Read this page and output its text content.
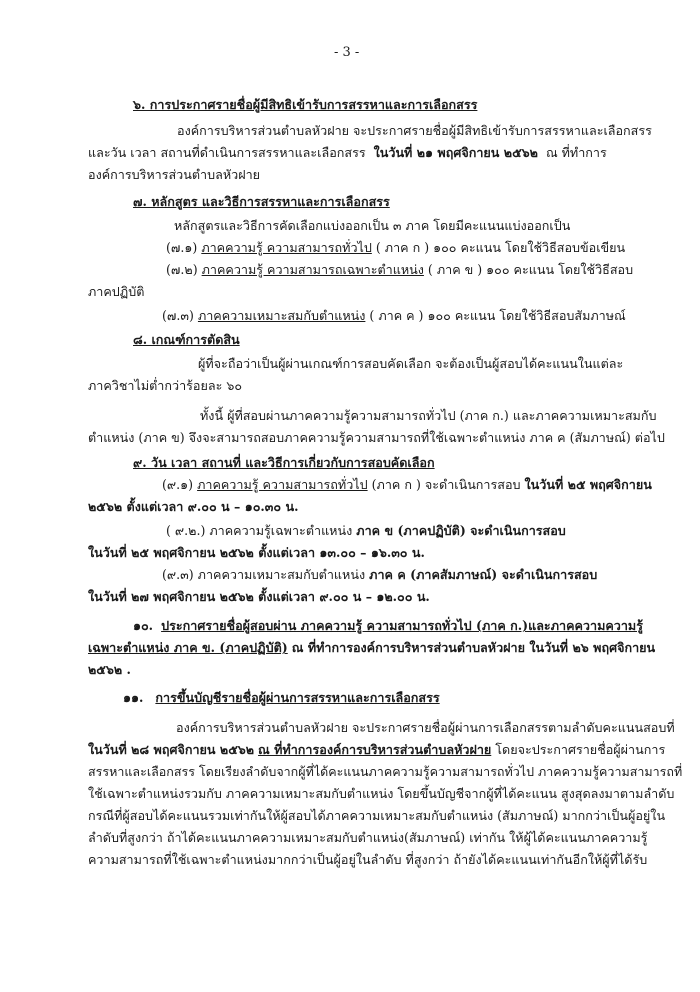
- 3 -
๖. การประกาศรายชื่อผู้มีสิทธิเข้ารับการสรรหาและการเลือกสรร
องค์การบริหารส่วนตำบลหัวฝาย จะประกาศรายชื่อผู้มีสิทธิเข้ารับการสรรหาและเลือกสรร
และวัน เวลา สถานที่ดำเนินการสรรหาและเลือกสรร ในวันที่ ๒๑ พฤศจิกายน ๒๕๖๒ ณ ที่ทำการ
องค์การบริหารส่วนตำบลหัวฝาย
๗. หลักสูตร และวิธีการสรรหาและการเลือกสรร
หลักสูตรและวิธีการคัดเลือกแบ่งออกเป็น ๓ ภาค โดยมีคะแนนแบ่งออกเป็น
(๗.๑) ภาคความรู้ ความสามารถทั่วไป ( ภาค ก ) ๑๐๐ คะแนน โดยใช้วิธีสอบข้อเขียน
(๗.๒) ภาคความรู้ ความสามารถเฉพาะตำแหน่ง ( ภาค ข ) ๑๐๐ คะแนน โดยใช้วิธีสอบ
ภาคปฏิบัติ
(๗.๓) ภาคความเหมาะสมกับตำแหน่ง ( ภาค ค ) ๑๐๐ คะแนน โดยใช้วิธีสอบสัมภาษณ์
๘. เกณฑ์การตัดสิน
ผู้ที่จะถือว่าเป็นผู้ผ่านเกณฑ์การสอบคัดเลือก จะต้องเป็นผู้สอบได้คะแนนในแต่ละ
ภาควิชาไม่ต่ำกว่าร้อยละ ๖๐
ทั้งนี้ ผู้ที่สอบผ่านภาคความรู้ความสามารถทั่วไป (ภาค ก.) และภาคความเหมาะสมกับ
ตำแหน่ง (ภาค ข) จึงจะสามารถสอบภาคความรู้ความสามารถที่ใช้เฉพาะตำแหน่ง ภาค ค (สัมภาษณ์) ต่อไป
๙. วัน เวลา สถานที่ และวิธีการเกี่ยวกับการสอบคัดเลือก
(๙.๑) ภาคความรู้ ความสามารถทั่วไป (ภาค ก ) จะดำเนินการสอบ ในวันที่ ๒๕ พฤศจิกายน
๒๕๖๒ ตั้งแต่เวลา ๙.๐๐ น – ๑๐.๓๐ น.
( ๙.๒.) ภาคความรู้เฉพาะตำแหน่ง ภาค ข (ภาคปฏิบัติ) จะดำเนินการสอบ
ในวันที่ ๒๕ พฤศจิกายน ๒๕๖๒ ตั้งแต่เวลา ๑๓.๐๐ – ๑๖.๓๐ น.
(๙.๓) ภาคความเหมาะสมกับตำแหน่ง ภาค ค (ภาคสัมภาษณ์) จะดำเนินการสอบ
ในวันที่ ๒๗ พฤศจิกายน ๒๕๖๒ ตั้งแต่เวลา ๙.๐๐ น – ๑๒.๐๐ น.
๑๐. ประกาศรายชื่อผู้สอบผ่าน ภาคความรู้ ความสามารถทั่วไป (ภาค ก.)และภาคความความรู้
เฉพาะตำแหน่ง ภาค ข. (ภาคปฏิบัติ) ณ ที่ทำการองค์การบริหารส่วนตำบลหัวฝาย ในวันที่ ๒๖ พฤศจิกายน
๒๕๖๒ .
๑๑. การขึ้นบัญชีรายชื่อผู้ผ่านการสรรหาและการเลือกสรร
องค์การบริหารส่วนตำบลหัวฝาย จะประกาศรายชื่อผู้ผ่านการเลือกสรรตามลำดับคะแนนสอบที่
ในวันที่ ๒๘ พฤศจิกายน ๒๕๖๒ ณ ที่ทำการองค์การบริหารส่วนตำบลหัวฝาย โดยจะประกาศรายชื่อผู้ผ่านการ
สรรหาและเลือกสรร โดยเรียงลำดับจากผู้ที่ได้คะแนนภาคความรู้ความสามารถทั่วไป ภาคความรู้ความสามารถที่
ใช้เฉพาะตำแหน่งรวมกับ ภาคความเหมาะสมกับตำแหน่ง โดยขึ้นบัญชีจากผู้ที่ได้คะแนน สูงสุดลงมาตามลำดับ
กรณีที่ผู้สอบได้คะแนนรวมเท่ากันให้ผู้สอบได้ภาคความเหมาะสมกับตำแหน่ง (สัมภาษณ์) มากกว่าเป็นผู้อยู่ใน
ลำดับที่สูงกว่า ถ้าได้คะแนนภาคความเหมาะสมกับตำแหน่ง(สัมภาษณ์) เท่ากัน ให้ผู้ได้คะแนนภาคความรู้
ความสามารถที่ใช้เฉพาะตำแหน่งมากกว่าเป็นผู้อยู่ในลำดับ ที่สูงกว่า ถ้ายังได้คะแนนเท่ากันอีกให้ผู้ที่ได้รับ
